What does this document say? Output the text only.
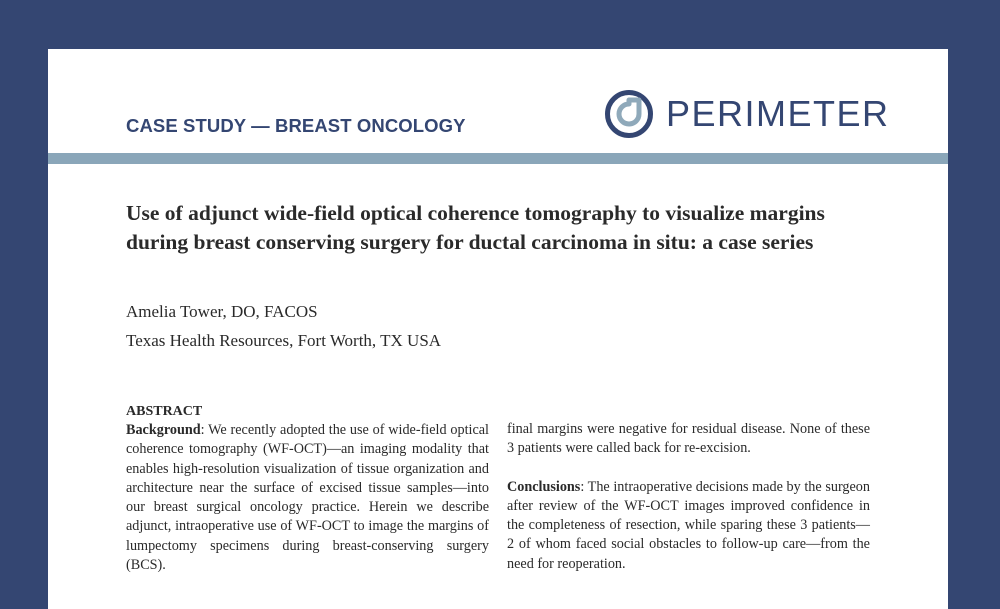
CASE STUDY — BREAST ONCOLOGY	PERIMETER
Use of adjunct wide-field optical coherence tomography to visualize margins during breast conserving surgery for ductal carcinoma in situ: a case series
Amelia Tower, DO, FACOS
Texas Health Resources, Fort Worth, TX USA
ABSTRACT

Background: We recently adopted the use of wide-field optical coherence tomography (WF-OCT)—an imaging modality that enables high-resolution visualization of tissue organization and architecture near the surface of excised tissue samples—into our breast surgical oncology practice. Herein we describe adjunct, intraoperative use of WF-OCT to image the margins of lumpectomy specimens during breast-conserving surgery (BCS).

final margins were negative for residual disease. None of these 3 patients were called back for re-excision.

Conclusions: The intraoperative decisions made by the surgeon after review of the WF-OCT images improved confidence in the completeness of resection, while sparing these 3 patients—2 of whom faced social obstacles to follow-up care—from the need for reoperation.
